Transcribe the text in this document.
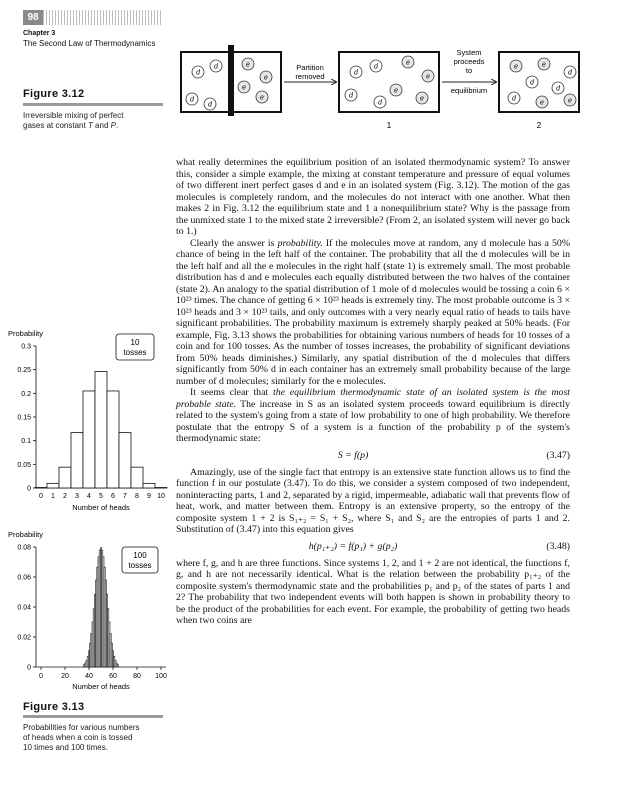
98
Chapter 3
The Second Law of Thermodynamics
Figure 3.12
Irreversible mixing of perfect
gases at constant T and P.
d
d
d
d
e
e
e
e
Partition
removed	d
d
d
d
e
e
e
e
1
System
proceeds
to
equilibrium
e	e
d
d
d
d
e	e
2
Probability
0
0.05
0.1
0.15
0.2
0.25
0.3
0 1 2 3 4 5 6 7 8 9 10
Number of heads
10
tosses
Probability
0
0.02
0.04
0.06
0.08
0	20 40 60 80 100
Number of heads
100
tosses
Figure 3.13
Probabilities for various numbers
of heads when a coin is tossed
10 times and 100 times.

what really determines the equilibrium position of an isolated thermodynamic system? To answer this, consider a simple example, the mixing at constant temperature and pressure of equal volumes of two different inert perfect gases d and e in an isolated system (Fig. 3.12). The motion of the gas molecules is completely random, and the molecules do not interact with one another. What then makes 2 in Fig. 3.12 the equilibrium state and 1 a nonequilibrium state? Why is the passage from the unmixed state 1 to the mixed state 2 irreversible? (From 2, an isolated system will never go back to 1.)

Clearly the answer is probability. If the molecules move at random, any d molecule has a 50% chance of being in the left half of the container. The probability that all the d molecules will be in the left half and all the e molecules in the right half (state 1) is extremely small. The most probable distribution has d and e molecules each equally distributed between the two halves of the container (state 2). An analogy to the spatial distribution of 1 mole of d molecules would be tossing a coin 6 × 10²³ times. The chance of getting 6 × 10²³ heads is extremely tiny. The most probable outcome is 3 × 10²³ heads and 3 × 10²³ tails, and only outcomes with a very nearly equal ratio of heads to tails have significant probabilities. The probability maximum is extremely sharply peaked at 50% heads. (For example, Fig. 3.13 shows the probabilities for obtaining various numbers of heads for 10 tosses of a coin and for 100 tosses. As the number of tosses increases, the probability of significant deviations from 50% heads diminishes.) Similarly, any spatial distribution of the d molecules that differs significantly from 50% d in each container has an extremely small probability because of the large number of d molecules; similarly for the e molecules.

It seems clear that the equilibrium thermodynamic state of an isolated system is the most probable state. The increase in S as an isolated system proceeds toward equilibrium is directly related to the system's going from a state of low probability to one of high probability. We therefore postulate that the entropy S of a system is a function of the probability p of the system's thermodynamic state:

S = f(p)	(3.47)

Amazingly, use of the single fact that entropy is an extensive state function allows us to find the function f in our postulate (3.47). To do this, we consider a system composed of two independent, noninteracting parts, 1 and 2, separated by a rigid, impermeable, adiabatic wall that prevents flow of heat, work, and matter between them. Entropy is an extensive property, so the entropy of the composite system 1 + 2 is S₁₊₂ = S₁ + S₂, where S₁ and S₂ are the entropies of parts 1 and 2. Substitution of (3.47) into this equation gives

h(p₁₊₂) = f(p₁) + g(p₂)	(3.48)

where f, g, and h are three functions. Since systems 1, 2, and 1 + 2 are not identical, the functions f, g, and h are not necessarily identical. What is the relation between the probability p₁₊₂ of the composite system's thermodynamic state and the probabilities p₁ and p₂ of the states of parts 1 and 2? The probability that two independent events will both happen is shown in probability theory to be the product of the probabilities for each event. For example, the probability of getting two heads when two coins are
